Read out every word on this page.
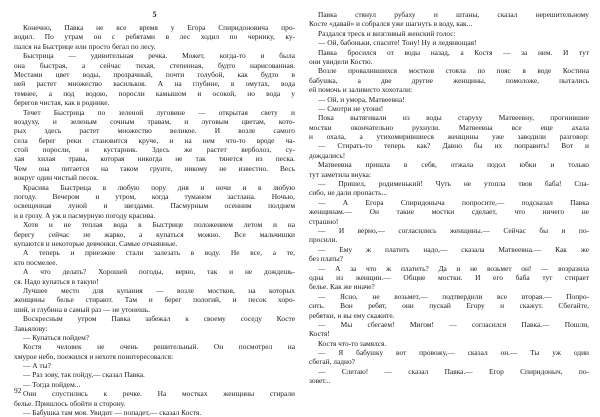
5
Конечно, Павка не все время у Егора Спиридоновича про-
водил. По утрам он с ребятами в лес ходил по чернику, ку-
пался на Быстрице или просто бегал по лесу.
Быстрица — удивительная речка. Может, когда-то и была
она быстрая, а сейчас тихая, степенная, будто нарисованная.
Местами цвет воды, прозрачный, почти голубой, как будто в
ней растет множество васильков. А на глубине, в омутах, вода
темнее, а под водою, поросли камышом и осокой, но вода у
берегов чистая, как в роднике.
Течет Быстрица по зеленой луговине — открытая свету и
воздуху, и зеленым сочным травам, и луговым цветам, кото-
рых здесь растет множество великое. И возле самого
села берег реки становится круче, и на нем что-то вроде ча-
стой поросли, и кустарник. Здесь же растет верболоз, су-
хая хилая трава, которая никогда не так тянется из песка.
Чем она питается на таком грунте, никому не известно. Весь
вокруг один чистый песок.
Красива Быстрица в любую пору дня и ночи и в любую
погоду. Вечером и утром, когда туманом застлана. Ночью,
освещенная луной и звездами. Пасмурным осенним полднем
и в грозу. А уж в пасмурную погоду красива.
Хотя и не теплая вода в Быстрице положением летом и на
берегу сейчас не жарко, а купаться можно. Все мальчишки
купаются и некоторые девчонки. Самые отчаянные.
А теперь и приезжие стали залезать в воду. Не все, а те,
кто посмелее.
А что делать? Хорошей погоды, верно, так и не дождешь-
ся. Надо купаться в такую!
Лучшее место для купания — возле мостков, на которых
женщины белье стирают. Там и берег пологий, и песок хоро-
ший, и глубина в самый раз — не утонешь.
Воскресным утром Павка забежал к своему соседу Косте
Завьялову:
— Купаться пойдем?
Костя человек не очень решительный. Он посмотрел на
хмурое небо, поежился и нехотя поинтересовался:
— А ты?
— Раз зову, так пойду,— сказал Павка.
— Тогда пойдем...
Они спустились к речке. На мостках женщины стирали
белье. Пришлось обойти в сторону.
— Бабушка там моя. Увидит — попадет,— сказал Костя.
92
Павка стянул рубаху и штаны, сказал нерешительному
Косте «давай» и собрался уже шагнуть в воду, как...
Раздался треск и визгливый женский голос:
— Ой, бабоньки, спасите! Тону! Ну и ледянющая!
Павка бросился от воды назад, а Костя — за ним. И тут
они увидели Костю.
Возле провалившихся мостков стояла по пояс в воде Костина
бабушка, а две другие женщины, помоложе, пытались
ей помочь и заливисто хохотали:
— Ой, и умора, Матвеевна!
— Смотри не утони!
Пока вытягивали из воды старуху Матвеевну, прогнившие
мостки окончательно рухнули. Матвеевна все еще ахала
и охала, а утихомирившиеся женщины уже заводили разговор:
— Стирать-то теперь как? Давно бы их поправить! Вот и
дождались!
Матвеевна пришла в себя, отжала подол юбки и только
тут заметила внука:
— Пришел, родименький! Чуть не утопла твоя баба! Спа-
сибо, не дали пропасть...
— А Егора Спиридоныча попросите,— подсказал Павка
женщинам.— Он такие мостки сделает, что ничего не
страшно!
— И верно,— согласились женщины.— Сейчас бы и по-
просили.
— Ему ж платить надо,— сказала Матвеевна.— Как же
без платы?
— А за что ж платить? Да и не возьмет он! — возразила
одна из женщин.— Общие мостки. И его баба тут стирает
белье. Как же иначе?
— Ясно, не возьмет,— подтвердили все вторая.— Попро-
сить. Вон ребят, они пускай Егору и скажут. Сбегайте,
ребятки, и вы ему скажите.
— Мы сбегаем! Мигом! — согласился Павка.— Пошли,
Костя!
Костя что-то замялся.
— Я бабушку вот провожу,— сказал он.— Ты уж один
сбегай, ладно?
— Слетаю! — сказал Павка.— Егор Спиридоныч, по-
зовет...
